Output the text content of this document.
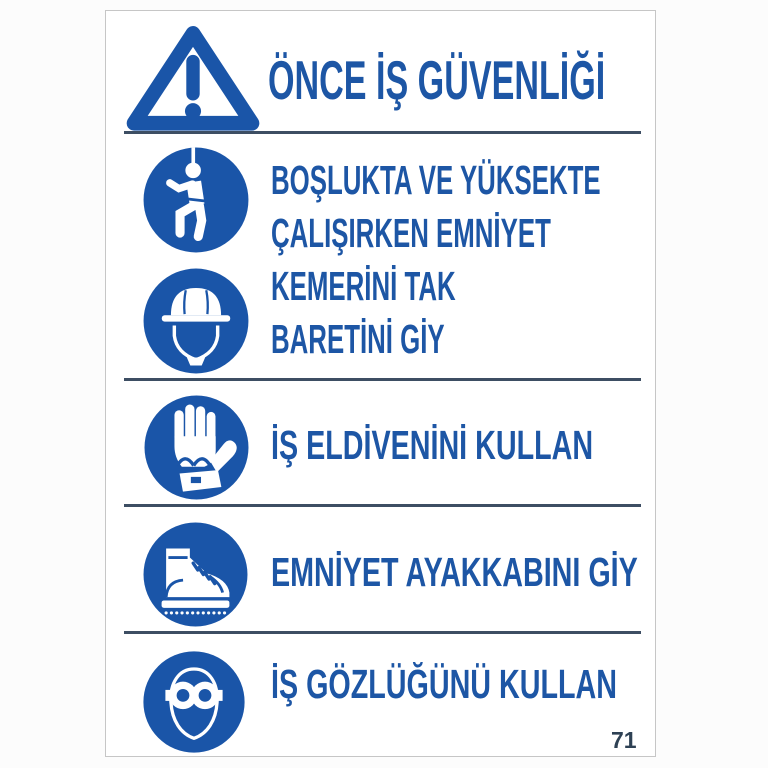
ÖNCE İŞ GÜVENLİĞİ
BOŞLUKTA VE YÜKSEKTE
ÇALIŞIRKEN EMNİYET
KEMERİNİ TAK
BARETİNİ GİY
İŞ ELDİVENİNİ KULLAN
EMNİYET AYAKKABINI GİY
İŞ GÖZLÜĞÜNÜ KULLAN
71
